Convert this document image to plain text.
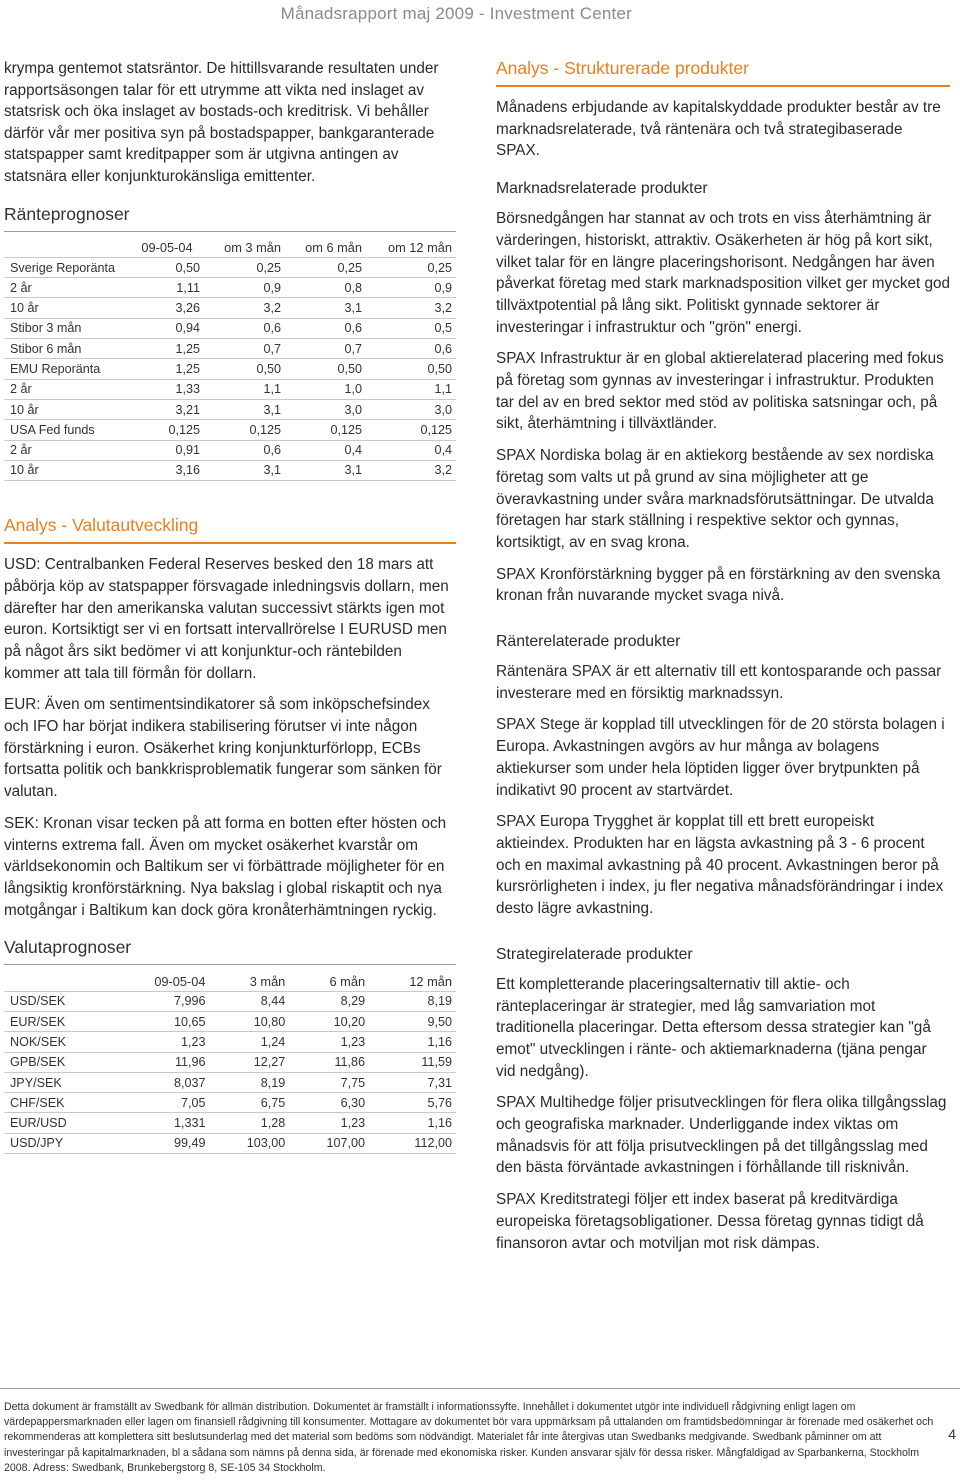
Månadsrapport maj 2009 - Investment Center

krympa gentemot statsräntor. De hittillsvarande resultaten under rapportsäsongen talar för ett utrymme att vikta ned inslaget av statsrisk och öka inslaget av bostads-och kreditrisk. Vi behåller därför vår mer positiva syn på bostadspapper, bankgaranterade statspapper samt kreditpapper som är utgivna antingen av statsnära eller konjunkturokänsliga emittenter.

Ränteprognoser
	09-05-04	om 3 mån	om 6 mån	om 12 mån
Sverige Reporänta	0,50	0,25	0,25	0,25
2 år	1,11	0,9	0,8	0,9
10 år	3,26	3,2	3,1	3,2
Stibor 3 mån	0,94	0,6	0,6	0,5
Stibor 6 mån	1,25	0,7	0,7	0,6
EMU Reporänta	1,25	0,50	0,50	0,50
2 år	1,33	1,1	1,0	1,1
10 år	3,21	3,1	3,0	3,0
USA Fed funds	0,125	0,125	0,125	0,125
2 år	0,91	0,6	0,4	0,4
10 år	3,16	3,1	3,1	3,2
Analys - Valutautveckling

USD: Centralbanken Federal Reserves besked den 18 mars att påbörja köp av statspapper försvagade inledningsvis dollarn, men därefter har den amerikanska valutan successivt stärkts igen mot euron. Kortsiktigt ser vi en fortsatt intervallrörelse I EURUSD men på något års sikt bedömer vi att konjunktur-och räntebilden kommer att tala till förmån för dollarn.

EUR: Även om sentimentsindikatorer så som inköpschefsindex och IFO har börjat indikera stabilisering förutser vi inte någon förstärkning i euron. Osäkerhet kring konjunkturförlopp, ECBs fortsatta politik och bankkrisproblematik fungerar som sänken för valutan.

SEK: Kronan visar tecken på att forma en botten efter hösten och vinterns extrema fall. Även om mycket osäkerhet kvarstår om världsekonomin och Baltikum ser vi förbättrade möjligheter för en långsiktig kronförstärkning. Nya bakslag i global riskaptit och nya motgångar i Baltikum kan dock göra kronåterhämtningen ryckig.

Valutaprognoser
	09-05-04	3 mån	6 mån	12 mån
USD/SEK	7,996	8,44	8,29	8,19
EUR/SEK	10,65	10,80	10,20	9,50
NOK/SEK	1,23	1,24	1,23	1,16
GPB/SEK	11,96	12,27	11,86	11,59
JPY/SEK	8,037	8,19	7,75	7,31
CHF/SEK	7,05	6,75	6,30	5,76
EUR/USD	1,331	1,28	1,23	1,16
USD/JPY	99,49	103,00	107,00	112,00
Analys - Strukturerade produkter

Månadens erbjudande av kapitalskyddade produkter består av tre marknadsrelaterade, två räntenära och två strategibaserade SPAX.

Marknadsrelaterade produkter

Börsnedgången har stannat av och trots en viss återhämtning är värderingen, historiskt, attraktiv. Osäkerheten är hög på kort sikt, vilket talar för en längre placeringshorisont. Nedgången har även påverkat företag med stark marknadsposition vilket ger mycket god tillväxtpotential på lång sikt. Politiskt gynnade sektorer är investeringar i infrastruktur och "grön" energi.

SPAX Infrastruktur är en global aktierelaterad placering med fokus på företag som gynnas av investeringar i infrastruktur. Produkten tar del av en bred sektor med stöd av politiska satsningar och, på sikt, återhämtning i tillväxtländer.

SPAX Nordiska bolag är en aktiekorg bestående av sex nordiska företag som valts ut på grund av sina möjligheter att ge överavkastning under svåra marknadsförutsättningar. De utvalda företagen har stark ställning i respektive sektor och gynnas, kortsiktigt, av en svag krona.

SPAX Kronförstärkning bygger på en förstärkning av den svenska kronan från nuvarande mycket svaga nivå.

Ränterelaterade produkter

Räntenära SPAX är ett alternativ till ett kontosparande och passar investerare med en försiktig marknadssyn.

SPAX Stege är kopplad till utvecklingen för de 20 största bolagen i Europa. Avkastningen avgörs av hur många av bolagens aktiekurser som under hela löptiden ligger över brytpunkten på indikativt 90 procent av startvärdet.

SPAX Europa Trygghet är kopplat till ett brett europeiskt aktieindex. Produkten har en lägsta avkastning på 3 - 6 procent och en maximal avkastning på 40 procent. Avkastningen beror på kursrörligheten i index, ju fler negativa månadsförändringar i index desto lägre avkastning.

Strategirelaterade produkter

Ett kompletterande placeringsalternativ till aktie- och ränteplaceringar är strategier, med låg samvariation mot traditionella placeringar. Detta eftersom dessa strategier kan "gå emot" utvecklingen i ränte- och aktiemarknaderna (tjäna pengar vid nedgång).

SPAX Multihedge följer prisutvecklingen för flera olika tillgångsslag och geografiska marknader. Underliggande index viktas om månadsvis för att följa prisutvecklingen på det tillgångsslag med den bästa förväntade avkastningen i förhållande till risknivån.

SPAX Kreditstrategi följer ett index baserat på kreditvärdiga europeiska företagsobligationer. Dessa företag gynnas tidigt då finansoron avtar och motviljan mot risk dämpas.

Detta dokument är framställt av Swedbank för allmän distribution. Dokumentet är framställt i informationssyfte. Innehållet i dokumentet utgör inte individuell rådgivning enligt lagen om värdepappersmarknaden eller lagen om finansiell rådgivning till konsumenter. Mottagare av dokumentet bör vara uppmärksam på uttalanden om framtidsbedömningar är förenade med osäkerhet och rekommenderas att komplettera sitt beslutsunderlag med det material som bedöms som nödvändigt. Materialet får inte återgivas utan Swedbanks medgivande. Swedbank påminner om att investeringar på kapitalmarknaden, bl a sådana som nämns på denna sida, är förenade med ekonomiska risker. Kunden ansvarar själv för dessa risker. Mångfaldigad av Sparbankerna, Stockholm 2008. Adress: Swedbank, Brunkebergstorg 8, SE-105 34 Stockholm.
4
